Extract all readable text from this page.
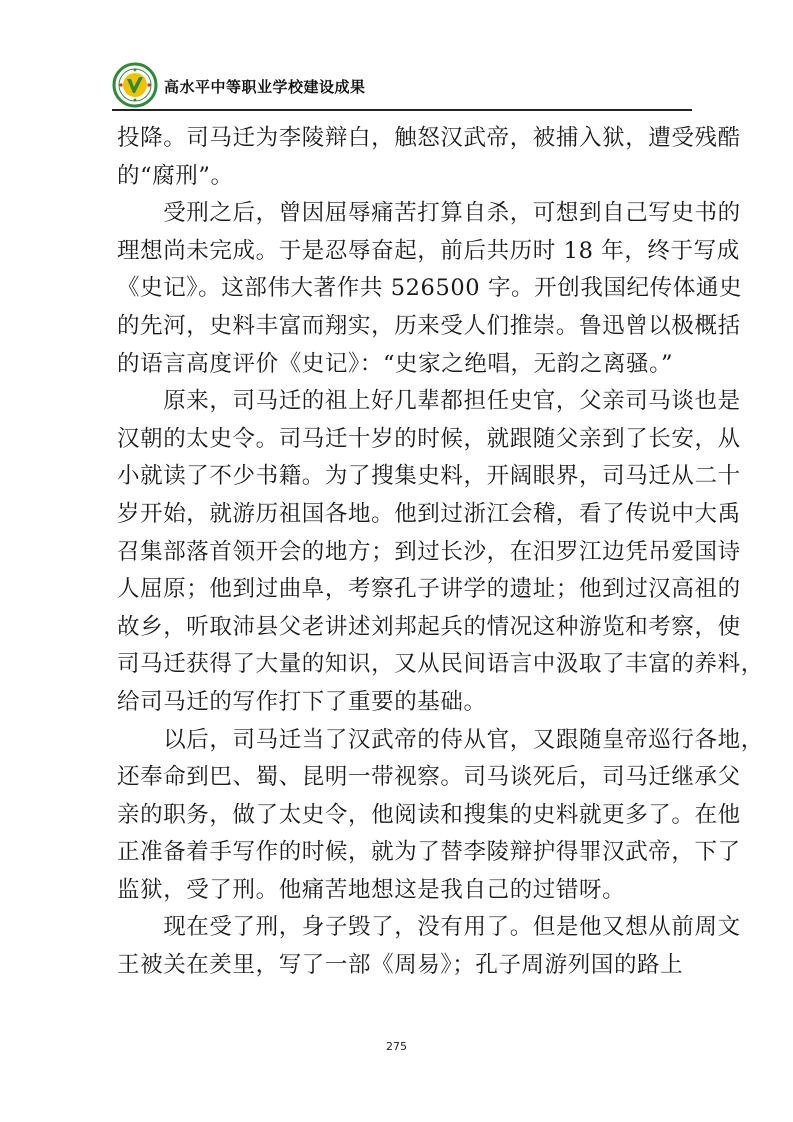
高水平中等职业学校建设成果
投降。司马迁为李陵辩白，触怒汉武帝，被捕入狱，遭受残酷
的“腐刑”。
　　受刑之后，曾因屈辱痛苦打算自杀，可想到自己写史书的
理想尚未完成。于是忍辱奋起，前后共历时 18 年，终于写成
《史记》。这部伟大著作共 526500 字。开创我国纪传体通史
的先河，史料丰富而翔实，历来受人们推崇。鲁迅曾以极概括
的语言高度评价《史记》：“史家之绝唱，无韵之离骚。”
　　原来，司马迁的祖上好几辈都担任史官，父亲司马谈也是
汉朝的太史令。司马迁十岁的时候，就跟随父亲到了长安，从
小就读了不少书籍。为了搜集史料，开阔眼界，司马迁从二十
岁开始，就游历祖国各地。他到过浙江会稽，看了传说中大禹
召集部落首领开会的地方；到过长沙，在汨罗江边凭吊爱国诗
人屈原；他到过曲阜，考察孔子讲学的遗址；他到过汉高祖的
故乡，听取沛县父老讲述刘邦起兵的情况这种游览和考察，使
司马迁获得了大量的知识，又从民间语言中汲取了丰富的养料，
给司马迁的写作打下了重要的基础。
　　以后，司马迁当了汉武帝的侍从官，又跟随皇帝巡行各地，
还奉命到巴、蜀、昆明一带视察。司马谈死后，司马迁继承父
亲的职务，做了太史令，他阅读和搜集的史料就更多了。在他
正准备着手写作的时候，就为了替李陵辩护得罪汉武帝，下了
监狱，受了刑。他痛苦地想这是我自己的过错呀。
　　现在受了刑，身子毁了，没有用了。但是他又想从前周文
王被关在羑里，写了一部《周易》；孔子周游列国的路上
275
